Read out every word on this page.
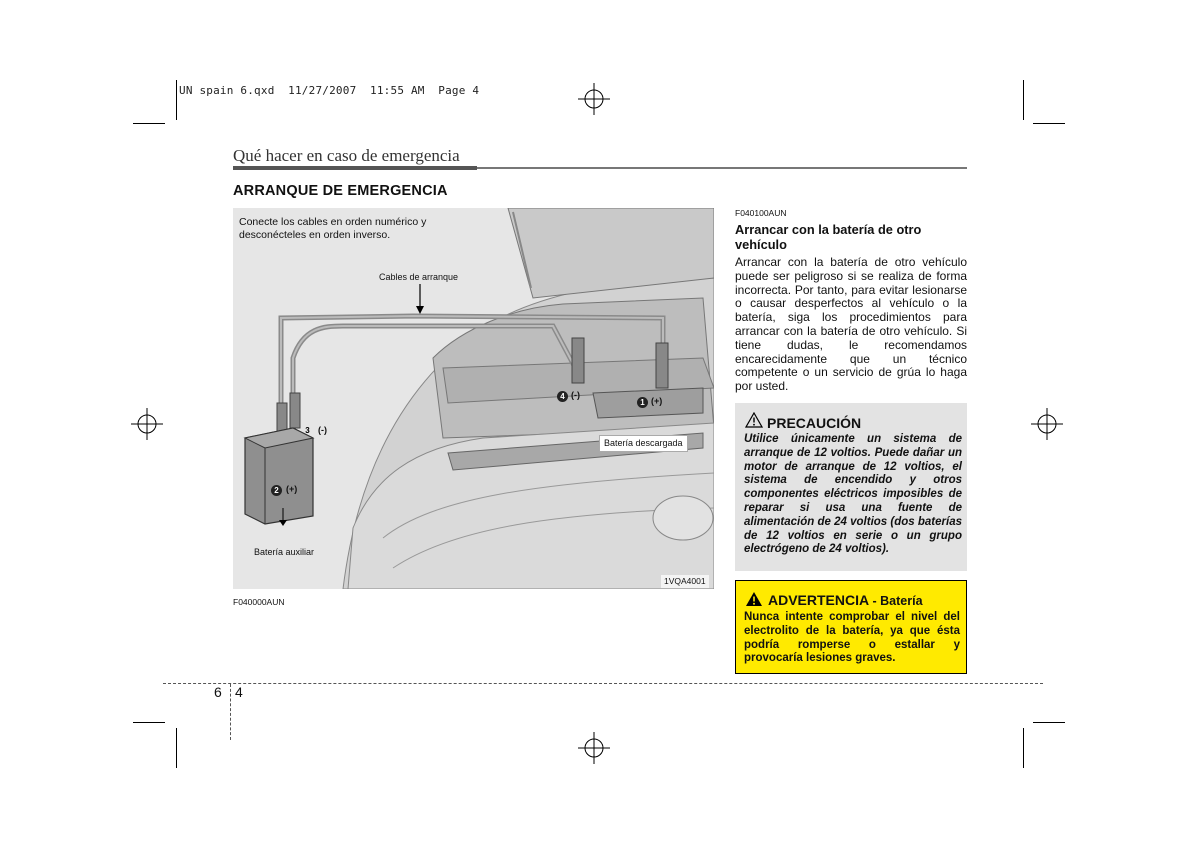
UN spain 6.qxd  11/27/2007  11:55 AM  Page 4
Qué hacer en caso de emergencia
ARRANQUE DE EMERGENCIA
Conecte los cables en orden numérico y desconécteles en orden inverso.
Cables de arranque
Batería auxiliar
Batería descargada
1VQA4001
1 (+)
2 (+)
3 (-)
4 (-)
F040000AUN
F040100AUN
Arrancar con la batería de otro vehículo
Arrancar con la batería de otro vehículo puede ser peligroso si se realiza de forma incorrecta. Por tanto, para evitar lesionarse o causar desperfectos al vehículo o la batería, siga los procedimientos para arrancar con la batería de otro vehículo. Si tiene dudas, le recomendamos encarecidamente que un técnico competente o un servicio de grúa lo haga por usted.
PRECAUCIÓN
Utilice únicamente un sistema de arranque de 12 voltios. Puede dañar un motor de arranque de 12 voltios, el sistema de encendido y otros componentes eléctricos imposibles de reparar si usa una fuente de alimentación de 24 voltios (dos baterías de 12 voltios en serie o un grupo electrógeno de 24 voltios).
ADVERTENCIA - Batería
Nunca intente comprobar el nivel del electrolito de la batería, ya que ésta podría romperse o estallar y provocaría lesiones graves.
6 4
